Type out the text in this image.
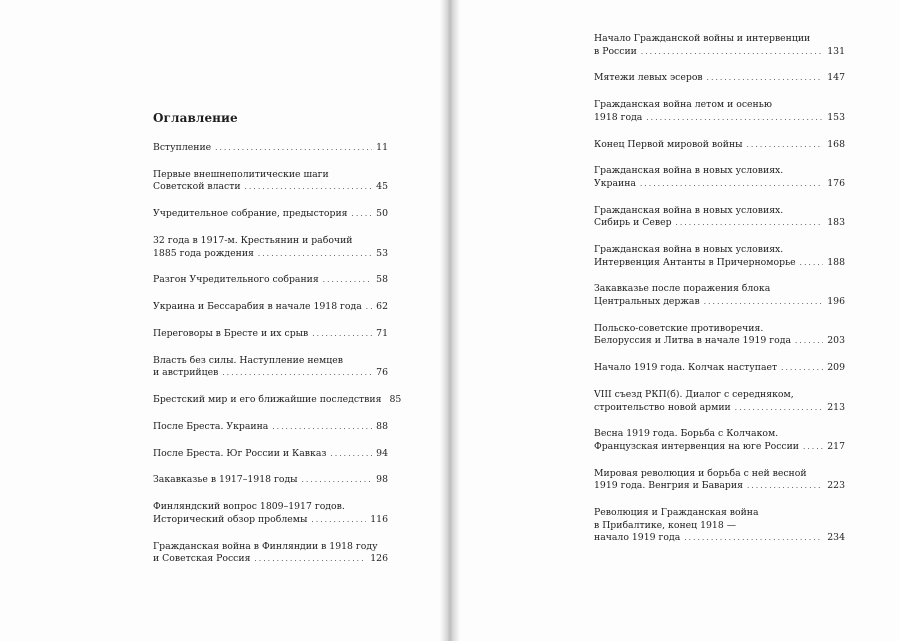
Оглавление
Вступление . . .	11
Первые внешнеполитические шаги
Советской власти . . .	45
Учредительное собрание, предыстория . . .	50
32 года в 1917-м. Крестьянин и рабочий
1885 года рождения . . .	53
Разгон Учредительного собрания . . .	58
Украина и Бессарабия в начале 1918 года . . . 62
Переговоры в Бресте и их срыв . . .	71
Власть без силы. Наступление немцев
и австрийцев . . .	76
Брестский мир и его ближайшие последствия 85
После Бреста. Украина . . .	88
После Бреста. Юг России и Кавказ . . .	94
Закавказье в 1917–1918 годы . . .	98
Финляндский вопрос 1809–1917 годов.
Исторический обзор проблемы . . .	116
Гражданская война в Финляндии в 1918 году
и Советская Россия . . .	126
Начало Гражданской войны и интервенции
в России . . .	131
Мятежи левых эсеров . . .	147
Гражданская война летом и осенью
1918 года . . .	153
Конец Первой мировой войны . . .	168
Гражданская война в новых условиях.
Украина . . .	176
Гражданская война в новых условиях.
Сибирь и Север . . .	183
Гражданская война в новых условиях.
Интервенция Антанты в Причерноморье . . .	188
Закавказье после поражения блока
Центральных держав . . .	196
Польско-советские противоречия.
Белоруссия и Литва в начале 1919 года . . .	203
Начало 1919 года. Колчак наступает . . .	209
VIII съезд РКП(б). Диалог с середняком,
строительство новой армии . . .	213
Весна 1919 года. Борьба с Колчаком.
Французская интервенция на юге России . . .	217
Мировая революция и борьба с ней весной
1919 года. Венгрия и Бавария . . .	223
Революция и Гражданская война
в Прибалтике, конец 1918 —
начало 1919 года . . .	234
